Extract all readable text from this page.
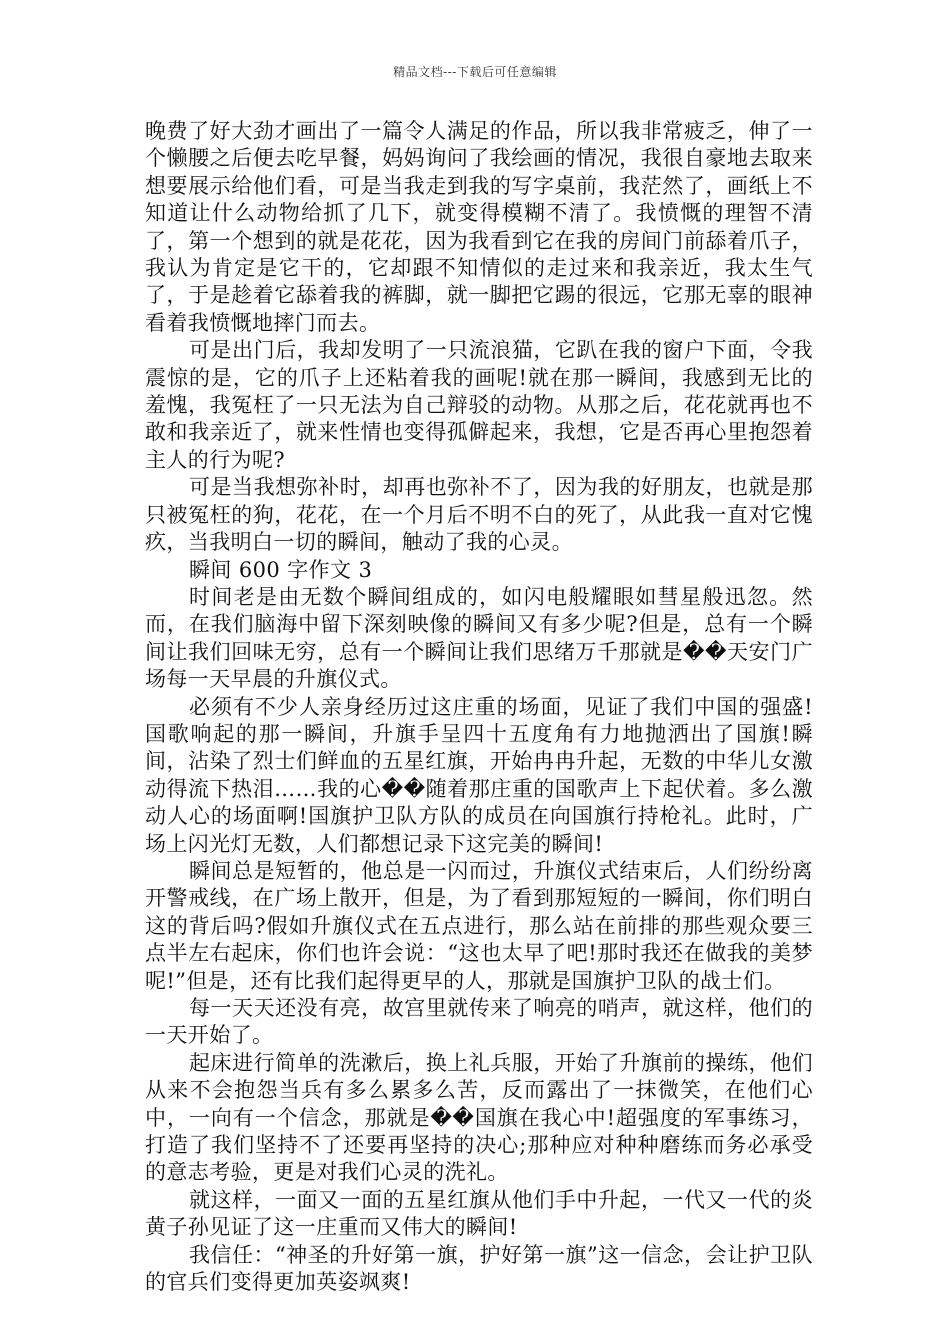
精品文档---下载后可任意编辑

晚费了好大劲才画出了一篇令人满足的作品，所以我非常疲乏，伸了一个懒腰之后便去吃早餐，妈妈询问了我绘画的情况，我很自豪地去取来想要展示给他们看，可是当我走到我的写字桌前，我茫然了，画纸上不知道让什么动物给抓了几下，就变得模糊不清了。我愤慨的理智不清了，第一个想到的就是花花，因为我看到它在我的房间门前舔着爪子，我认为肯定是它干的，它却跟不知情似的走过来和我亲近，我太生气了，于是趁着它舔着我的裤脚，就一脚把它踢的很远，它那无辜的眼神看着我愤慨地摔门而去。

可是出门后，我却发明了一只流浪猫，它趴在我的窗户下面，令我震惊的是，它的爪子上还粘着我的画呢!就在那一瞬间，我感到无比的羞愧，我冤枉了一只无法为自己辩驳的动物。从那之后，花花就再也不敢和我亲近了，就来性情也变得孤僻起来，我想，它是否再心里抱怨着主人的行为呢?

可是当我想弥补时，却再也弥补不了，因为我的好朋友，也就是那只被冤枉的狗，花花，在一个月后不明不白的死了，从此我一直对它愧疚，当我明白一切的瞬间，触动了我的心灵。

瞬间 600 字作文 3

时间老是由无数个瞬间组成的，如闪电般耀眼如彗星般迅忽。然而，在我们脑海中留下深刻映像的瞬间又有多少呢?但是，总有一个瞬间让我们回味无穷，总有一个瞬间让我们思绪万千那就是��天安门广场每一天早晨的升旗仪式。

必须有不少人亲身经历过这庄重的场面，见证了我们中国的强盛!国歌响起的那一瞬间，升旗手呈四十五度角有力地抛洒出了国旗!瞬间，沾染了烈士们鲜血的五星红旗，开始冉冉升起，无数的中华儿女激动得流下热泪……我的心��随着那庄重的国歌声上下起伏着。多么激动人心的场面啊!国旗护卫队方队的成员在向国旗行持枪礼。此时，广场上闪光灯无数，人们都想记录下这完美的瞬间!

瞬间总是短暂的，他总是一闪而过，升旗仪式结束后，人们纷纷离开警戒线，在广场上散开，但是，为了看到那短短的一瞬间，你们明白这的背后吗?假如升旗仪式在五点进行，那么站在前排的那些观众要三点半左右起床，你们也许会说：“这也太早了吧!那时我还在做我的美梦呢!”但是，还有比我们起得更早的人，那就是国旗护卫队的战士们。

每一天天还没有亮，故宫里就传来了响亮的哨声，就这样，他们的一天开始了。

起床进行简单的洗漱后，换上礼兵服，开始了升旗前的操练，他们从来不会抱怨当兵有多么累多么苦，反而露出了一抹微笑，在他们心中，一向有一个信念，那就是��国旗在我心中!超强度的军事练习，打造了我们坚持不了还要再坚持的决心;那种应对种种磨练而务必承受的意志考验，更是对我们心灵的洗礼。

就这样，一面又一面的五星红旗从他们手中升起，一代又一代的炎黄子孙见证了这一庄重而又伟大的瞬间!

我信任：“神圣的升好第一旗，护好第一旗”这一信念，会让护卫队的官兵们变得更加英姿飒爽!
